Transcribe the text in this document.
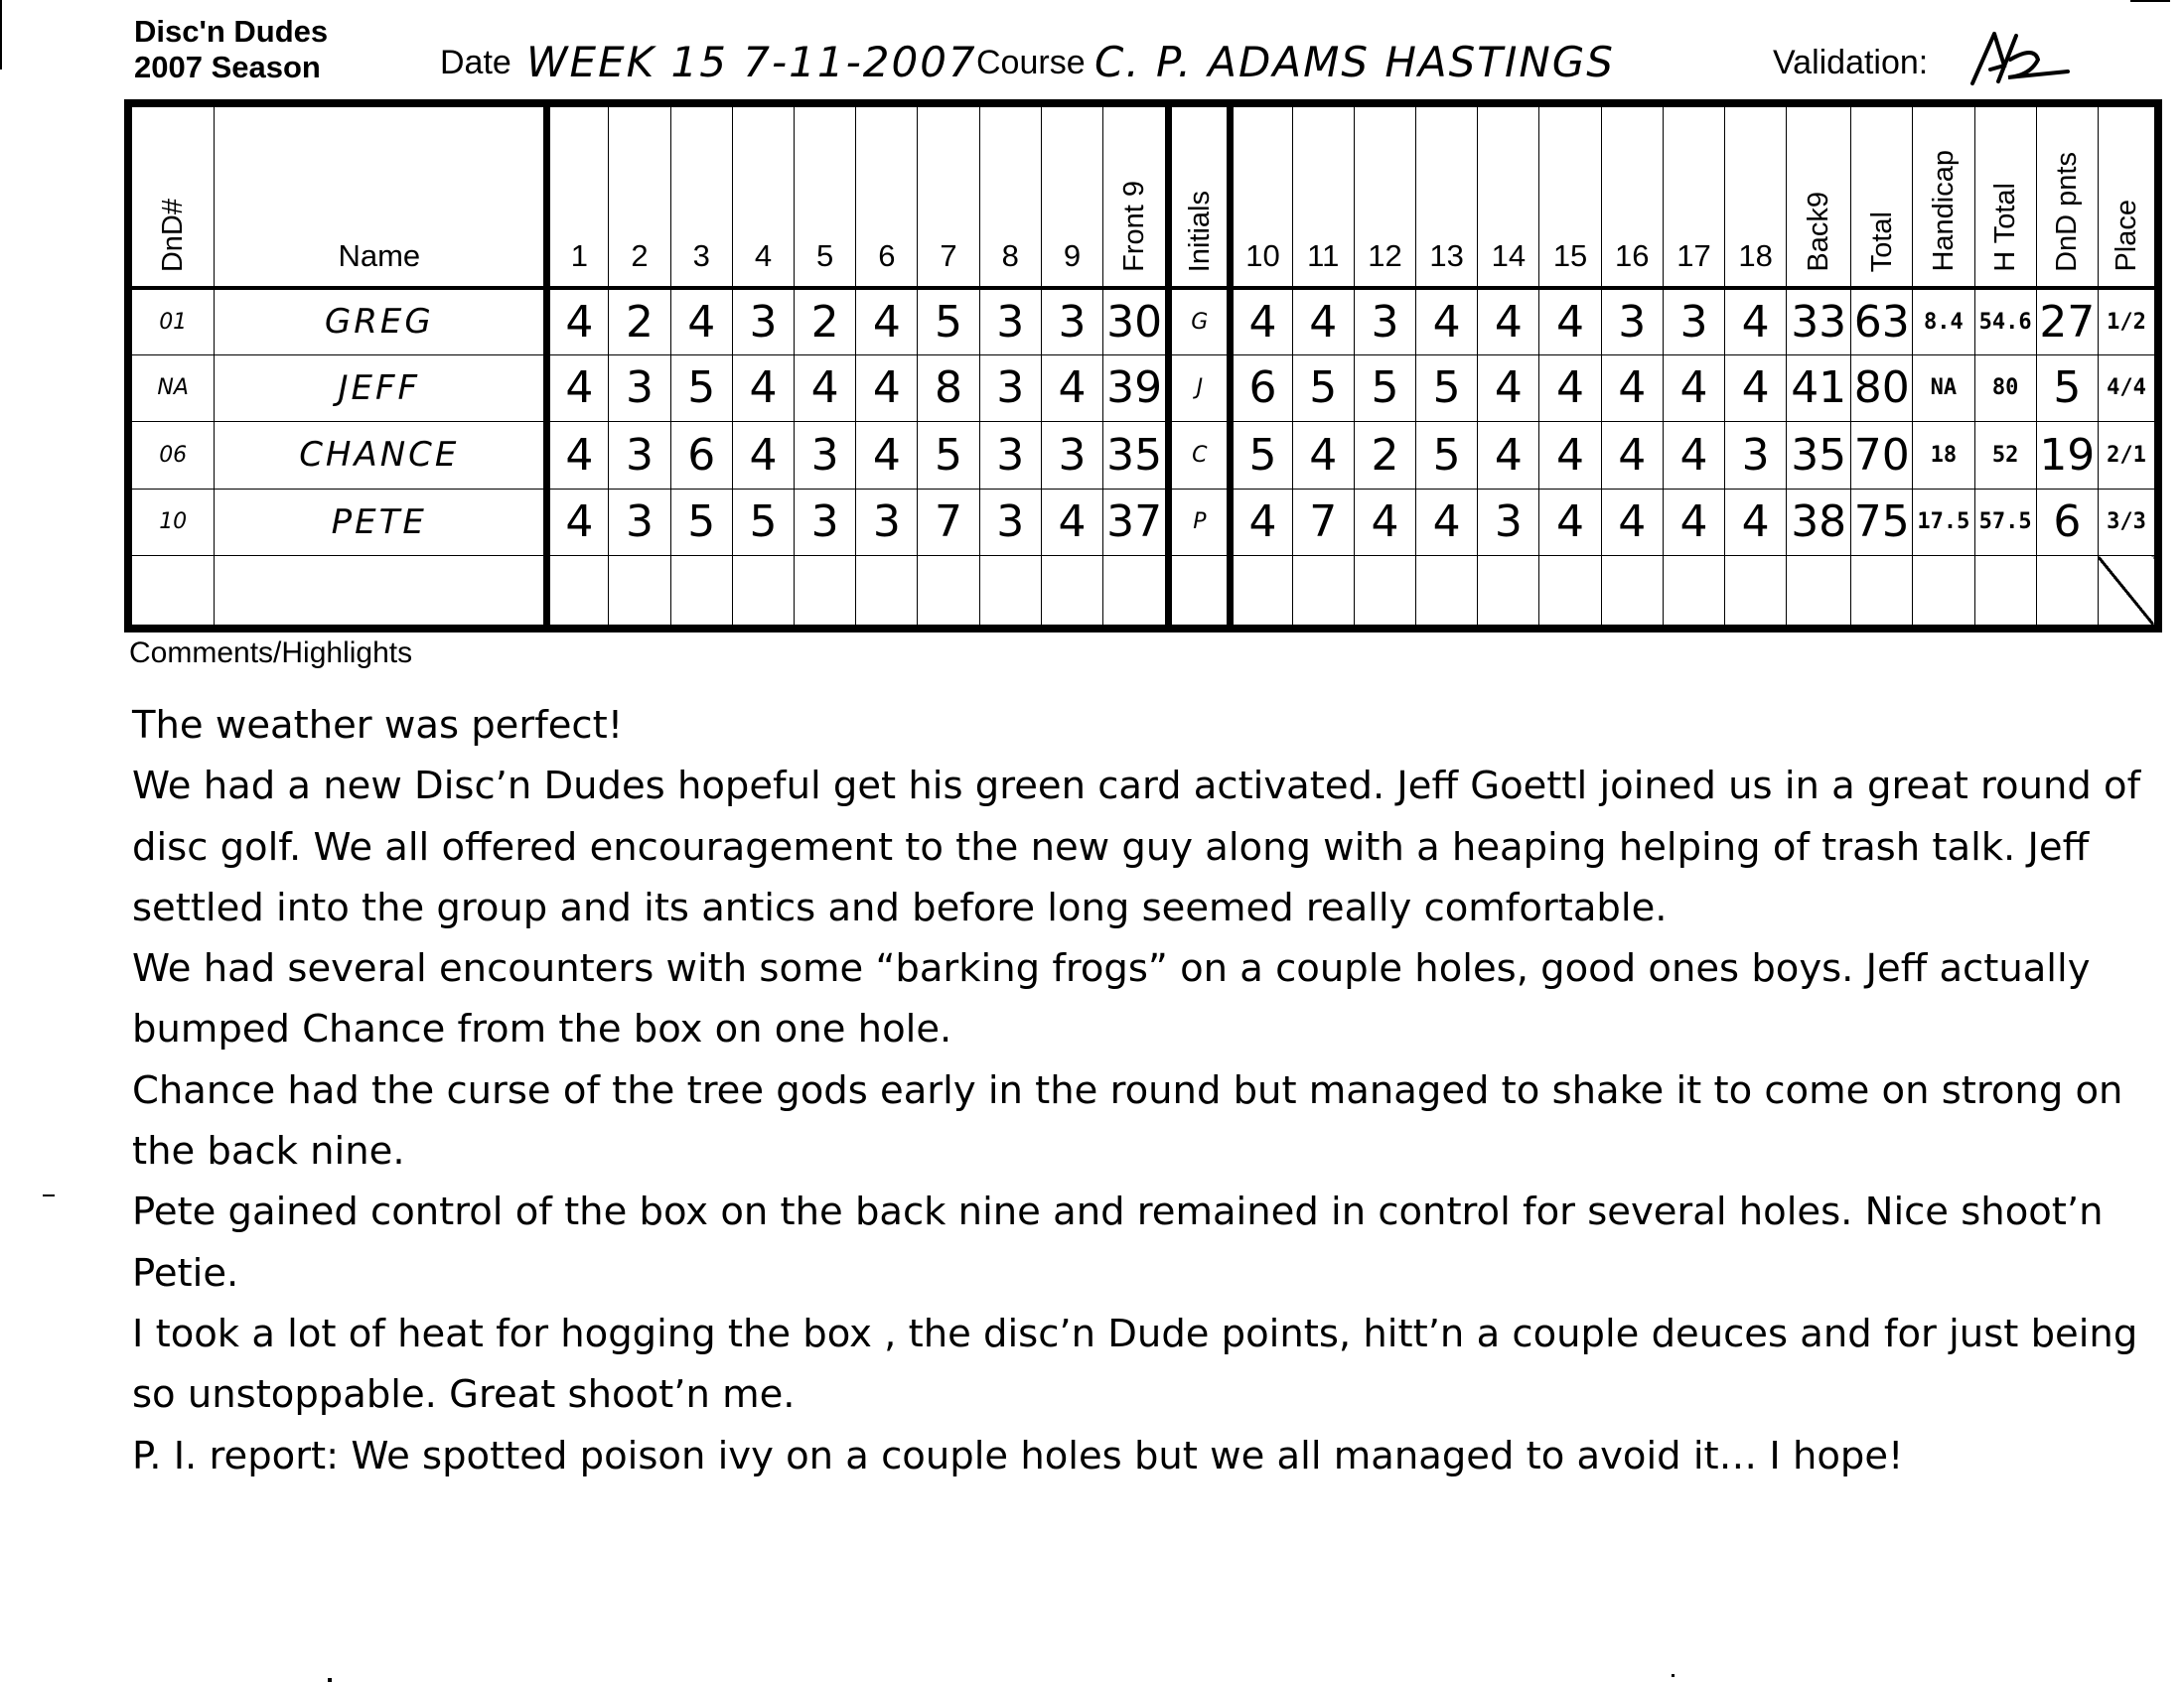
Disc'n Dudes
2007 Season	Date WEEK 15 7-11-2007 Course C. P. ADAMS HASTINGS	Validation:
DnD#	Name	1	2	3	4	5	6	7	8	9	Front 9	Initials	10	11	12	13	14	15	16	17	18	Back9	Total	Handicap	H Total	DnD pnts	Place
01	GREG	4	2	4	3	2	4	5	3	3	30	G	4	4	3	4	4	4	3	3	4	33	63	8.4	54.6	27	1/2
NA	JEFF	4	3	5	4	4	4	8	3	4	39	J	6	5	5	5	4	4	4	4	4	41	80	NA	80	5	4/4
06	CHANCE	4	3	6	4	3	4	5	3	3	35	C	5	4	2	5	4	4	4	4	3	35	70	18	52	19	2/1
10	PETE	4	3	5	5	3	3	7	3	4	37	P	4	7	4	4	3	4	4	4	4	38	75	17.5	57.5	6	3/3

Comments/Highlights

The weather was perfect!

We had a new Disc’n Dudes hopeful get his green card activated. Jeff Goettl joined us in a great round of disc golf. We all offered encouragement to the new guy along with a heaping helping of trash talk. Jeff settled into the group and its antics and before long seemed really comfortable.

We had several encounters with some “barking frogs” on a couple holes, good ones boys. Jeff actually bumped Chance from the box on one hole.

Chance had the curse of the tree gods early in the round but managed to shake it to come on strong on the back nine.

Pete gained control of the box on the back nine and remained in control for several holes. Nice shoot’n Petie.

I took a lot of heat for hogging the box , the disc’n Dude points, hitt’n a couple deuces and for just being so unstoppable. Great shoot’n me.

P. I. report: We spotted poison ivy on a couple holes but we all managed to avoid it… I hope!
